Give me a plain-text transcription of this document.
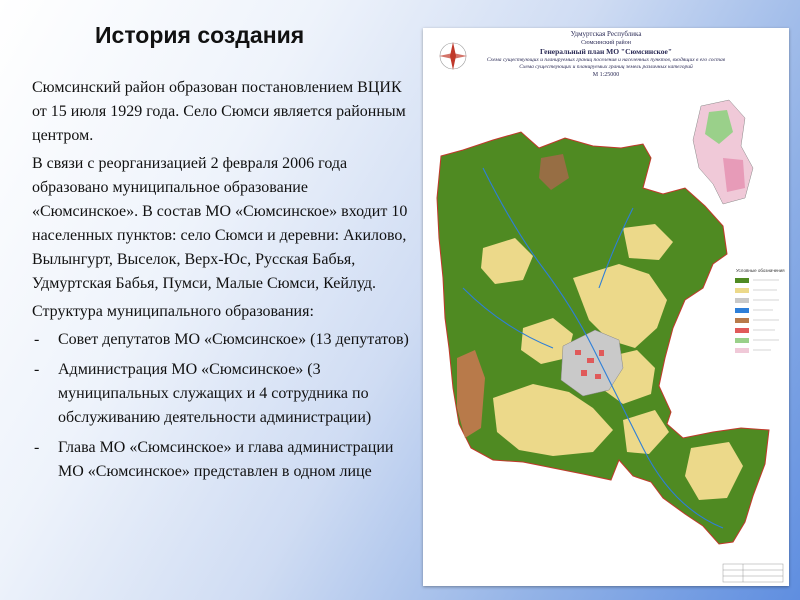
История создания

Сюмсинский район образован постановлением ВЦИК от 15 июля 1929 года. Село Сюмси является районным центром.

В связи с реорганизацией 2 февраля 2006 года образовано муниципальное образование «Сюмсинское». В состав МО «Сюмсинское» входит 10 населенных пунктов: село Сюмси и деревни: Акилово, Вылынгурт, Выселок, Верх-Юс, Русская Бабья, Удмуртская Бабья, Пумси, Малые Сюмси, Кейлуд.

Структура муниципального образования:

- Совет депутатов МО «Сюмсинское» (13 депутатов)
- Администрация МО «Сюмсинское» (3 муниципальных служащих и 4 сотрудника по обслуживанию деятельности администрации)
- Глава МО «Сюмсинское» и глава администрации МО «Сюмсинское» представлен в одном лице
Удмуртская Республика
Сюмсинский район
Генеральный план МО "Сюмсинское"
Схема существующих и планируемых границ поселения и населенных пунктов, входящих в его состав
Схема существующих и планируемых границ земель различных категорий
М 1:25000
Условные обозначения
